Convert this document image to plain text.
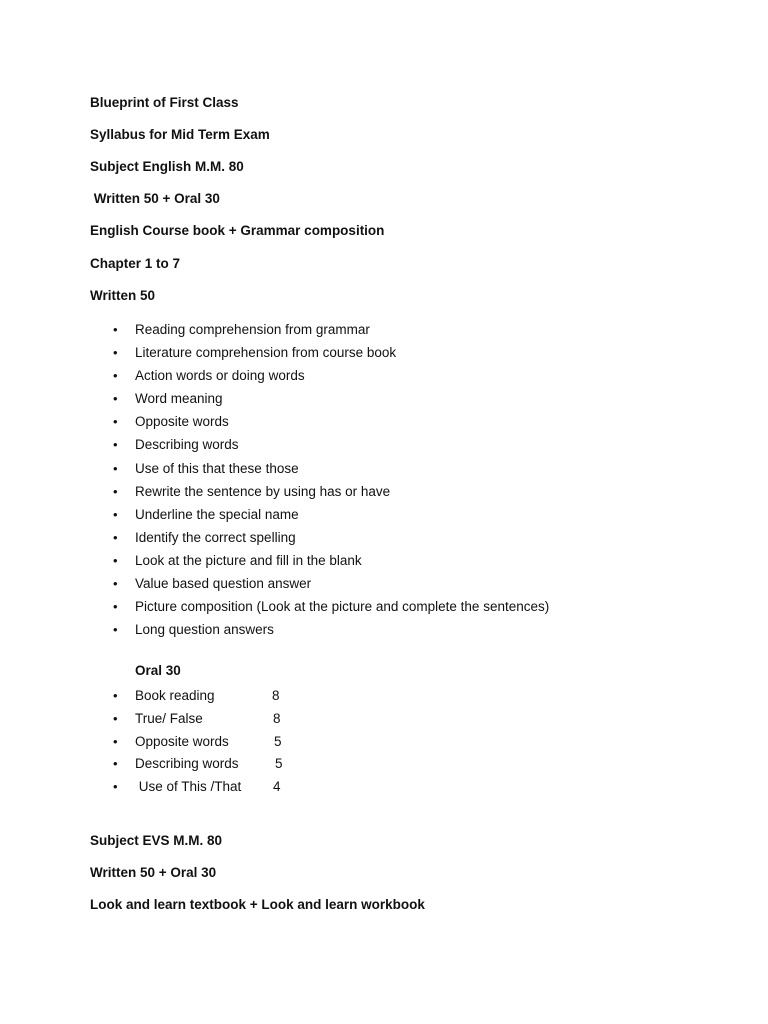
Blueprint of First Class
Syllabus for Mid Term Exam
Subject English M.M. 80
Written 50 + Oral 30
English Course book + Grammar composition
Chapter 1 to 7
Written 50
• Reading comprehension from grammar
• Literature comprehension from course book
• Action words or doing words
• Word meaning
• Opposite words
• Describing words
• Use of this that these those
• Rewrite the sentence by using has or have
• Underline the special name
• Identify the correct spelling
• Look at the picture and fill in the blank
• Value based question answer
• Picture composition (Look at the picture and complete the sentences)
• Long question answers
Oral 30
• Book reading	8
• True/ False	8
• Opposite words	5
• Describing words	5
• Use of This /That 4
Subject EVS M.M. 80
Written 50 + Oral 30
Look and learn textbook + Look and learn workbook
